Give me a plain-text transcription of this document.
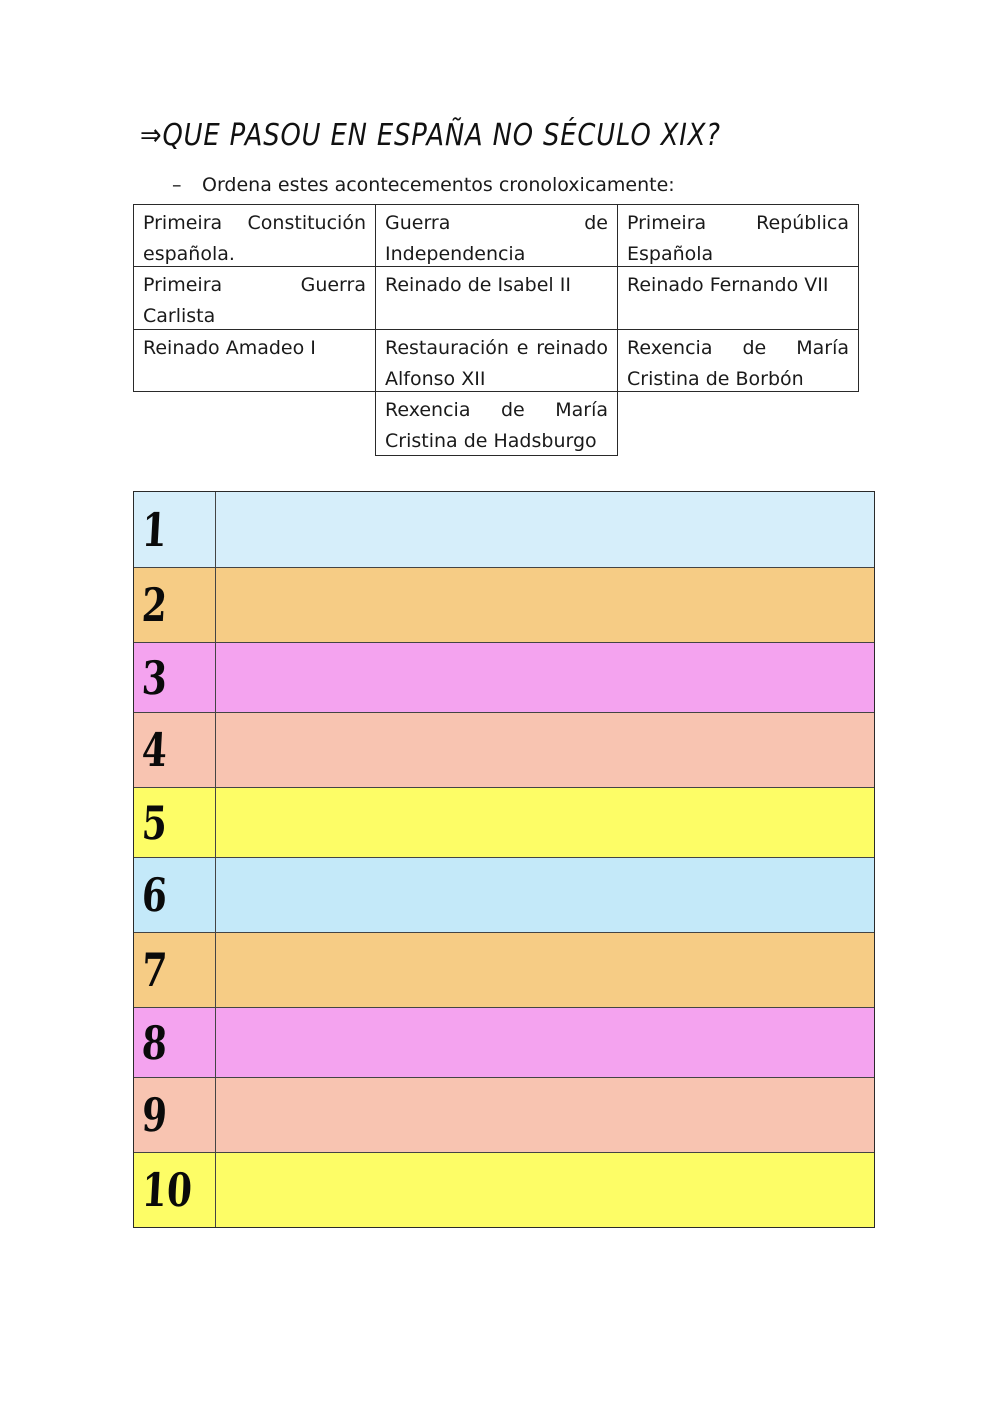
⇒QUE PASOU EN ESPAÑA NO SÉCULO XIX?
– Ordena estes acontecementos cronoloxicamente:
Primeira Constitución española.
Guerra de Independencia
Primeira República Española
Primeira Guerra Carlista
Reinado de Isabel II	Reinado Fernando VII
Reinado Amadeo I	Restauración e reinado Alfonso XII
Rexencia de María Cristina de Borbón
Rexencia de María Cristina de Hadsburgo
1
2
3
4
5
6
7
8
9
10
